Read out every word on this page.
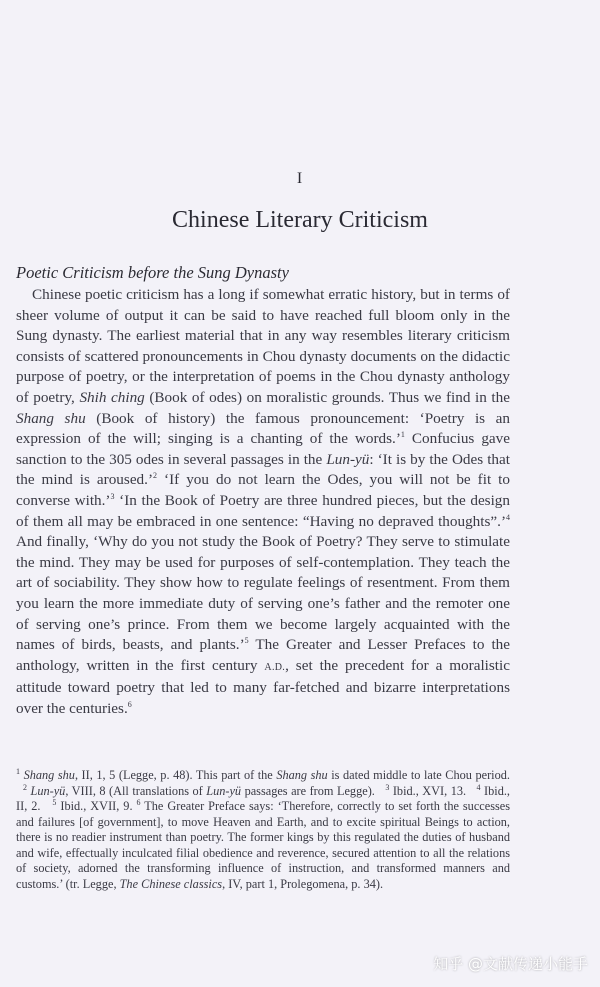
I
Chinese Literary Criticism
Poetic Criticism before the Sung Dynasty

Chinese poetic criticism has a long if somewhat erratic history, but in terms of sheer volume of output it can be said to have reached full bloom only in the Sung dynasty. The earliest material that in any way resembles literary criticism consists of scattered pronouncements in Chou dynasty documents on the didactic purpose of poetry, or the interpretation of poems in the Chou dynasty anthology of poetry, Shih ching (Book of odes) on moralistic grounds. Thus we find in the Shang shu (Book of history) the famous pronouncement: ‘Poetry is an expression of the will; singing is a chanting of the words.’$^1$ Confucius gave sanction to the 305 odes in several passages in the Lun-yü: ‘It is by the Odes that the mind is aroused.’$^2$ ‘If you do not learn the Odes, you will not be fit to converse with.’$^3$ ‘In the Book of Poetry are three hundred pieces, but the design of them all may be embraced in one sentence: “Having no depraved thoughts”.’$^4$ And finally, ‘Why do you not study the Book of Poetry? They serve to stimulate the mind. They may be used for purposes of self-contemplation. They teach the art of sociability. They show how to regulate feelings of resentment. From them you learn the more immediate duty of serving one’s father and the remoter one of serving one’s prince. From them we become largely acquainted with the names of birds, beasts, and plants.’$^5$ The Greater and Lesser Prefaces to the anthology, written in the first century A.D., set the precedent for a moralistic attitude toward poetry that led to many far-fetched and bizarre interpretations over the centuries.$^6$

$^1$ Shang shu, II, 1, 5 (Legge, p. 48). This part of the Shang shu is dated middle to late Chou period.   $^2$ Lun-yü, VIII, 8 (All translations of Lun-yü passages are from Legge). $^3$ Ibid., XVI, 13. $^4$ Ibid., II, 2. $^5$ Ibid., XVII, 9. $^6$ The Greater Preface says: ‘Therefore, correctly to set forth the successes and failures [of government], to move Heaven and Earth, and to excite spiritual Beings to action, there is no readier instrument than poetry. The former kings by this regulated the duties of husband and wife, effectually inculcated filial obedience and reverence, secured attention to all the relations of society, adorned the transforming influence of instruction, and transformed manners and customs.’ (tr. Legge, The Chinese classics, IV, part 1, Prolegomena, p. 34).

知乎 @文献传递小能手
